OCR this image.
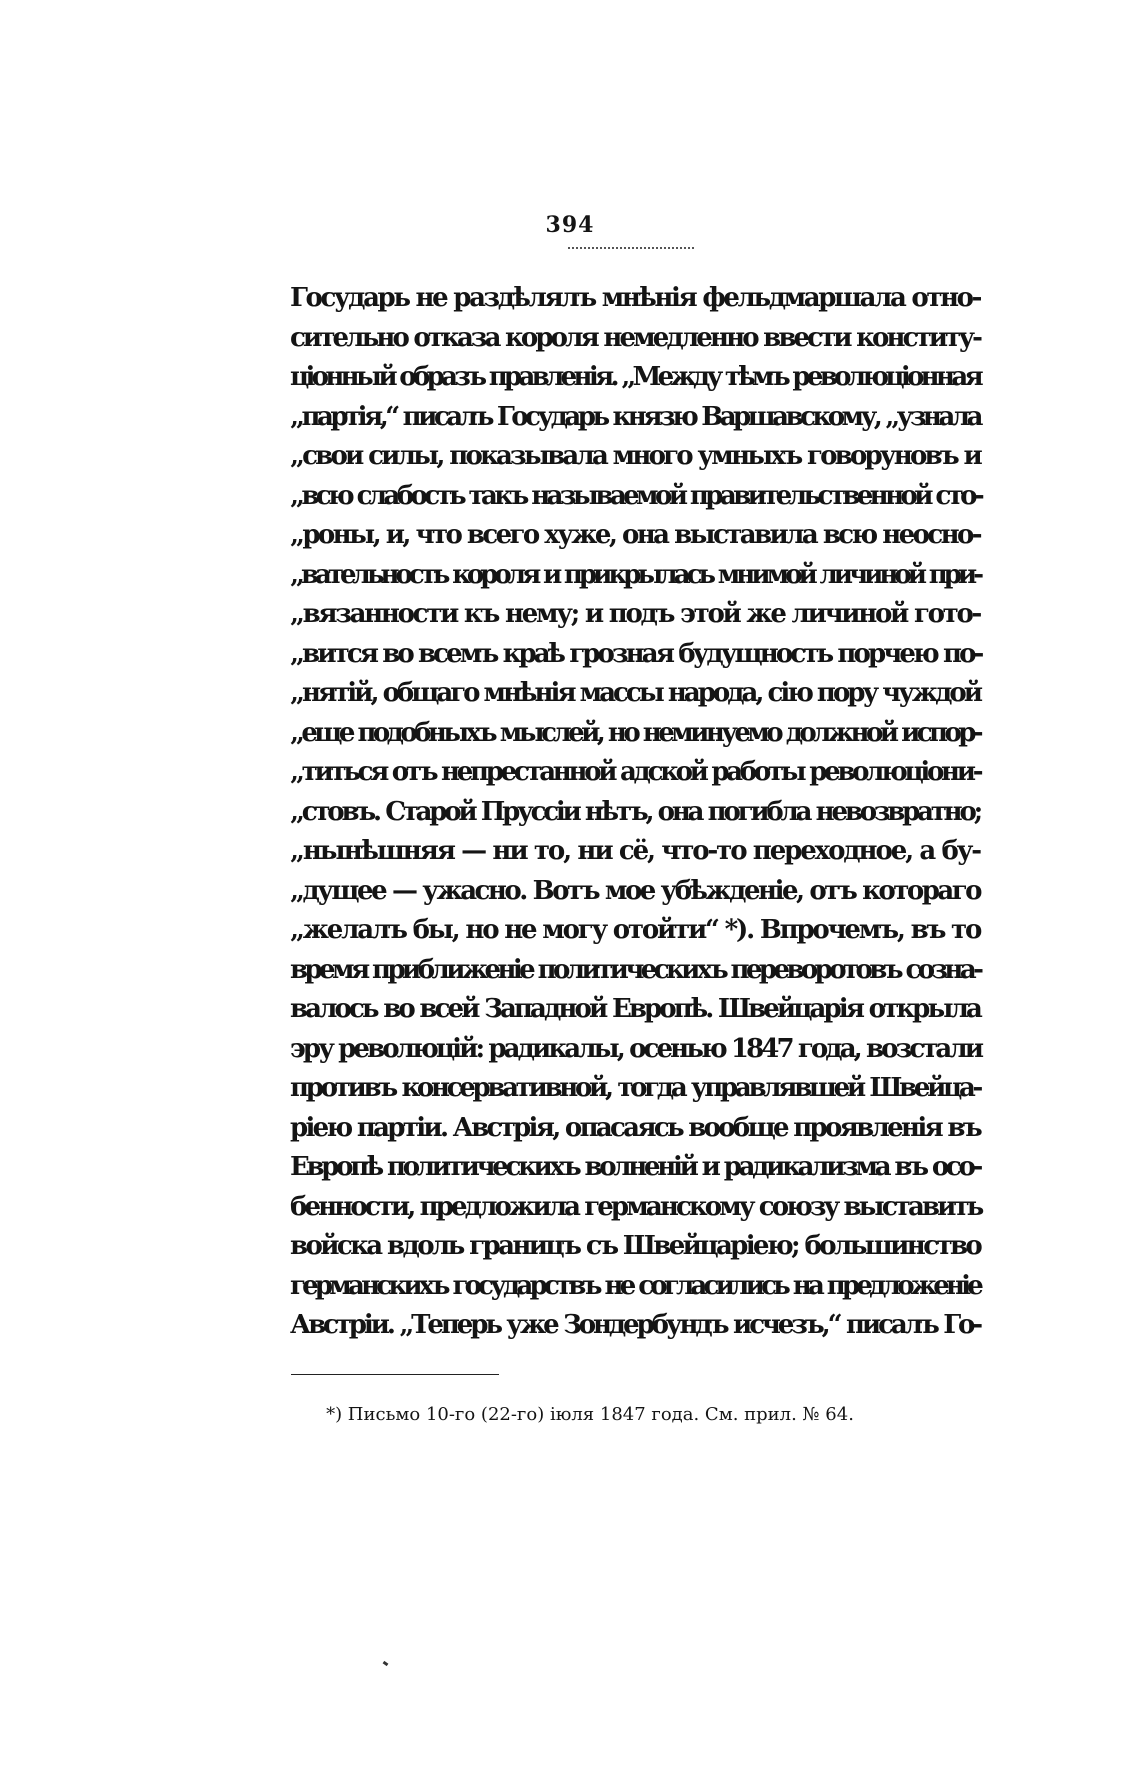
394
Государь не раздѣлялъ мнѣнія фельдмаршала отно-
сительно отказа короля немедленно ввести конститу-
ціонный образъ правленія. „Между тѣмъ революціонная
„партія,“ писалъ Государь князю Варшавскому, „узнала
„свои силы, показывала много умныхъ говоруновъ и
„всю слабость такъ называемой правительственной сто-
„роны, и, что всего хуже, она выставила всю неосно-
„вательность короля и прикрылась мнимой личиной при-
„вязанности къ нему; и подъ этой же личиной гото-
„вится во всемъ краѣ грозная будущность порчею по-
„нятій, общаго мнѣнія массы народа, сію пору чуждой
„еще подобныхъ мыслей, но неминуемо должной испор-
„титься отъ непрестанной адской работы революціони-
„стовъ. Старой Пруссіи нѣтъ, она погибла невозвратно;
„нынѣшняя — ни то, ни сё, что-то переходное, а бу-
„дущее — ужасно. Вотъ мое убѣжденіе, отъ котораго
„желалъ бы, но не могу отойти“ *). Впрочемъ, въ то
время приближеніе политическихъ переворотовъ созна-
валось во всей Западной Европѣ. Швейцарія открыла
эру революцій: радикалы, осенью 1847 года, возстали
противъ консервативной, тогда управлявшей Швейца-
ріею партіи. Австрія, опасаясь вообще проявленія въ
Европѣ политическихъ волненій и радикализма въ осо-
бенности, предложила германскому союзу выставить
войска вдоль границъ съ Швейцаріею; большинство
германскихъ государствъ не согласились на предложеніе
Австріи. „Теперь уже Зондербундъ исчезъ,“ писалъ Го-
*) Письмо 10-го (22-го) іюля 1847 года. См. прил. № 64.
